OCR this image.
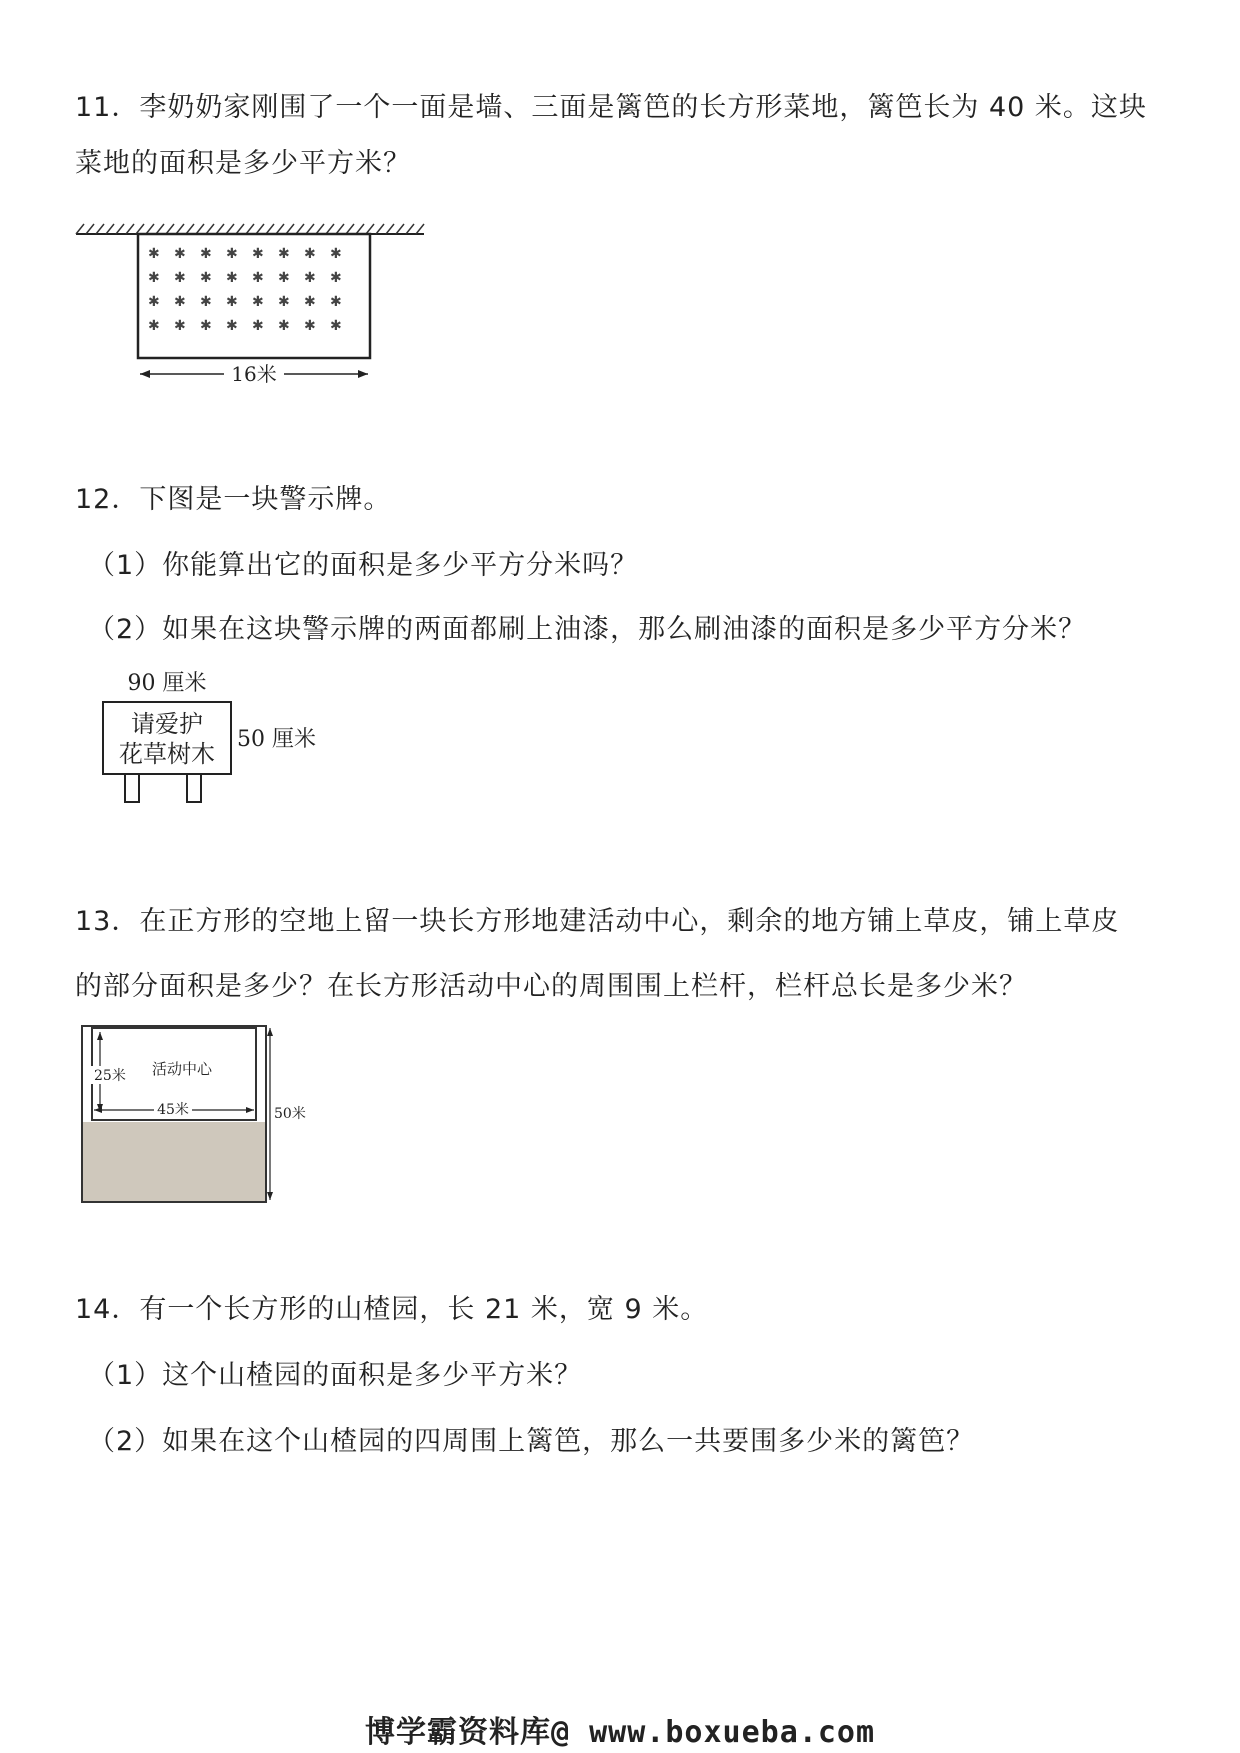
11．李奶奶家刚围了一个一面是墙、三面是篱笆的长方形菜地，篱笆长为 40 米。这块
菜地的面积是多少平方米？
✱ ✱ ✱ ✱ ✱ ✱ ✱ ✱
✱ ✱ ✱ ✱ ✱ ✱ ✱ ✱
✱ ✱ ✱ ✱ ✱ ✱ ✱ ✱
✱ ✱ ✱ ✱ ✱ ✱ ✱ ✱
16米
12．下图是一块警示牌。
（1）你能算出它的面积是多少平方分米吗？
（2）如果在这块警示牌的两面都刷上油漆，那么刷油漆的面积是多少平方分米？
90 厘米
请爱护
花草树木
50 厘米
13．在正方形的空地上留一块长方形地建活动中心，剩余的地方铺上草皮，铺上草皮
的部分面积是多少？在长方形活动中心的周围围上栏杆，栏杆总长是多少米？
25米 活动中心
45米	50米
14．有一个长方形的山楂园，长 21 米，宽 9 米。
（1）这个山楂园的面积是多少平方米？
（2）如果在这个山楂园的四周围上篱笆，那么一共要围多少米的篱笆？
博学霸资料库@ www.boxueba.com
